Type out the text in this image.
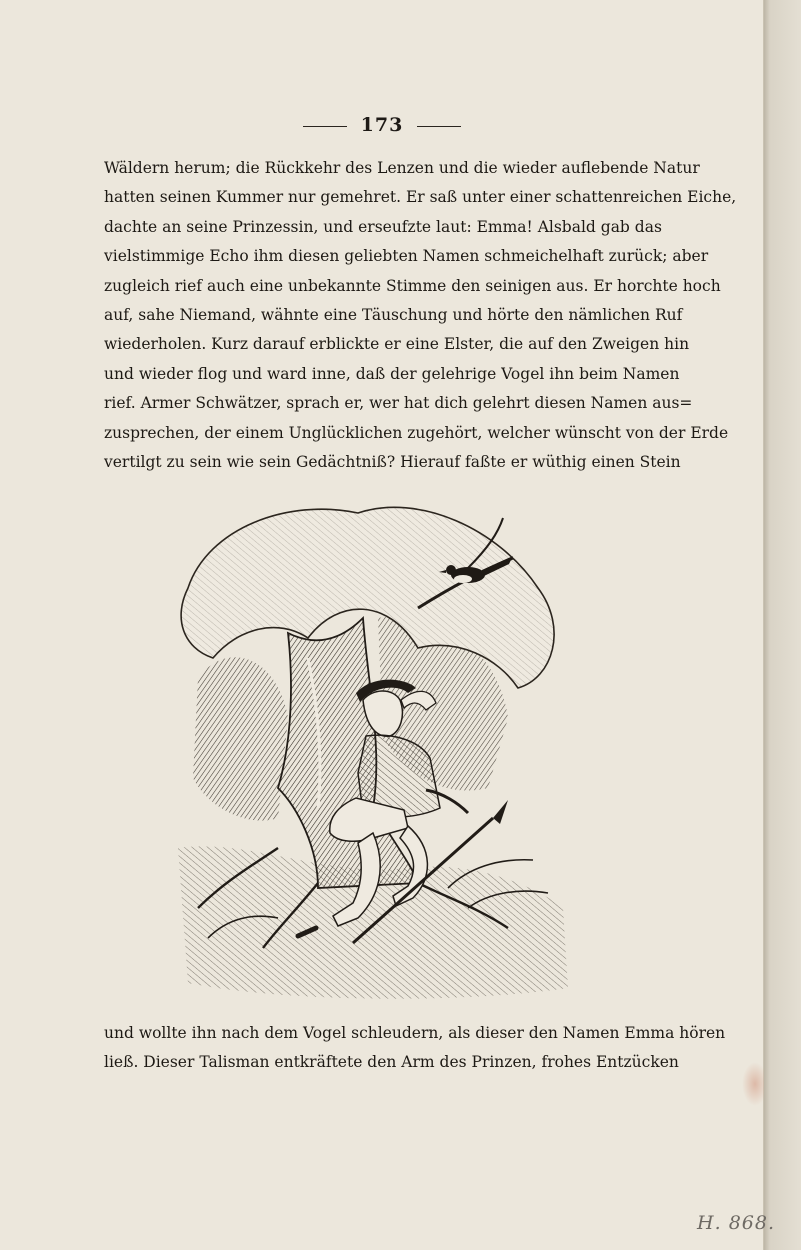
173
Wäldern herum; die Rückkehr des Lenzen und die wieder auflebende Natur
hatten seinen Kummer nur gemehret. Er saß unter einer schattenreichen Eiche,
dachte an seine Prinzessin, und erseufzte laut: Emma! Alsbald gab das
vielstimmige Echo ihm diesen geliebten Namen schmeichelhaft zurück; aber
zugleich rief auch eine unbekannte Stimme den seinigen aus. Er horchte hoch
auf, sahe Niemand, wähnte eine Täuschung und hörte den nämlichen Ruf
wiederholen. Kurz darauf erblickte er eine Elster, die auf den Zweigen hin
und wieder flog und ward inne, daß der gelehrige Vogel ihn beim Namen
rief. Armer Schwätzer, sprach er, wer hat dich gelehrt diesen Namen aus=
zusprechen, der einem Unglücklichen zugehört, welcher wünscht von der Erde
vertilgt zu sein wie sein Gedächtniß? Hierauf faßte er wüthig einen Stein
und wollte ihn nach dem Vogel schleudern, als dieser den Namen Emma hören
ließ. Dieser Talisman entkräftete den Arm des Prinzen, frohes Entzücken
H. 868.
